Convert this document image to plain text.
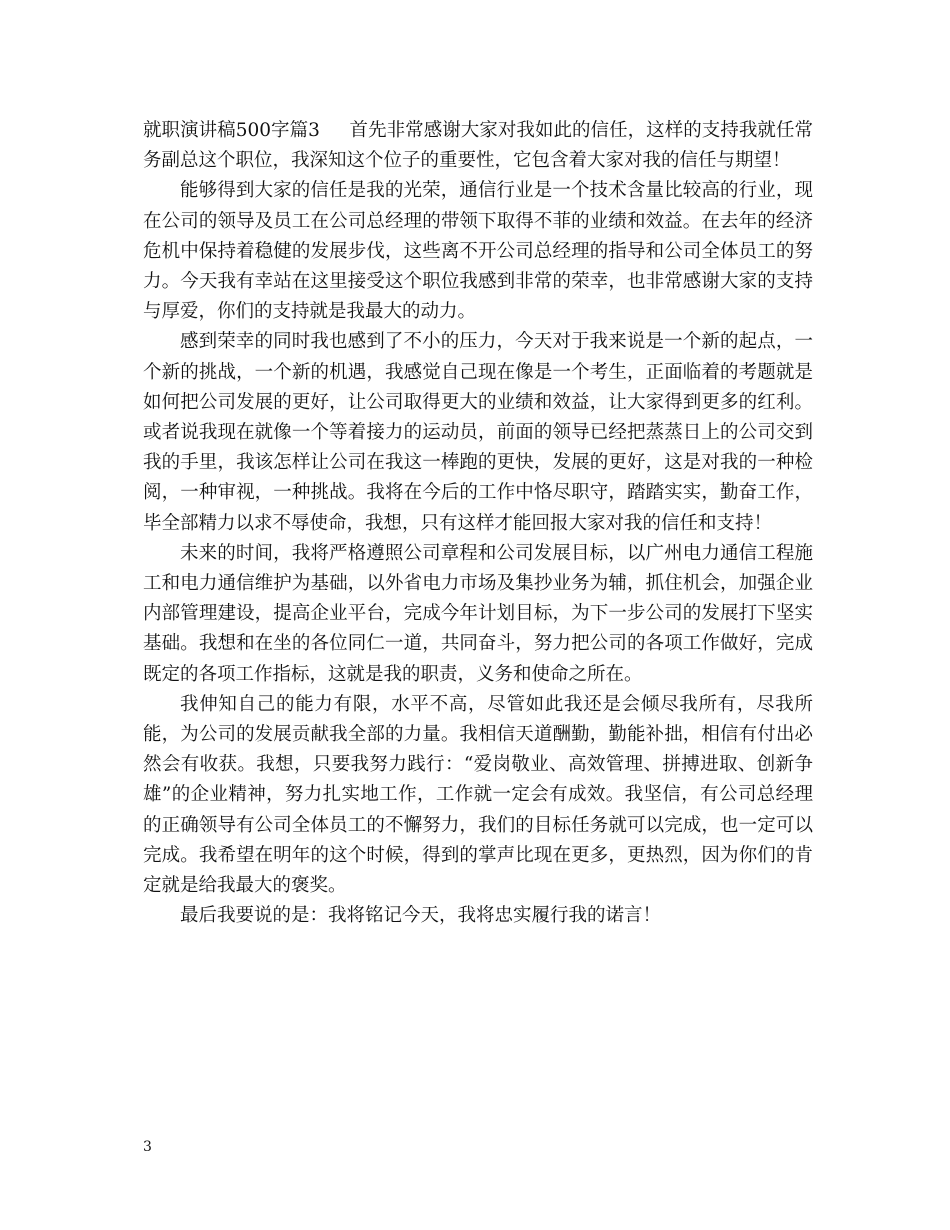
就职演讲稿500字篇3 首先非常感谢大家对我如此的信任，这样的支持我就任常务副总这个职位，我深知这个位子的重要性，它包含着大家对我的信任与期望！

能够得到大家的信任是我的光荣，通信行业是一个技术含量比较高的行业，现在公司的领导及员工在公司总经理的带领下取得不菲的业绩和效益。在去年的经济危机中保持着稳健的发展步伐，这些离不开公司总经理的指导和公司全体员工的努力。今天我有幸站在这里接受这个职位我感到非常的荣幸，也非常感谢大家的支持与厚爱，你们的支持就是我最大的动力。

感到荣幸的同时我也感到了不小的压力，今天对于我来说是一个新的起点，一个新的挑战，一个新的机遇，我感觉自己现在像是一个考生，正面临着的考题就是如何把公司发展的更好，让公司取得更大的业绩和效益，让大家得到更多的红利。或者说我现在就像一个等着接力的运动员，前面的领导已经把蒸蒸日上的公司交到我的手里，我该怎样让公司在我这一棒跑的更快，发展的更好，这是对我的一种检阅，一种审视，一种挑战。我将在今后的工作中恪尽职守，踏踏实实，勤奋工作，毕全部精力以求不辱使命，我想，只有这样才能回报大家对我的信任和支持！

未来的时间，我将严格遵照公司章程和公司发展目标，以广州电力通信工程施工和电力通信维护为基础，以外省电力市场及集抄业务为辅，抓住机会，加强企业内部管理建设，提高企业平台，完成今年计划目标，为下一步公司的发展打下坚实基础。我想和在坐的各位同仁一道，共同奋斗，努力把公司的各项工作做好，完成既定的各项工作指标，这就是我的职责，义务和使命之所在。

我伸知自己的能力有限，水平不高，尽管如此我还是会倾尽我所有，尽我所能，为公司的发展贡献我全部的力量。我相信天道酬勤，勤能补拙，相信有付出必然会有收获。我想，只要我努力践行：“爱岗敬业、高效管理、拼搏进取、创新争雄”的企业精神，努力扎实地工作，工作就一定会有成效。我坚信，有公司总经理的正确领导有公司全体员工的不懈努力，我们的目标任务就可以完成，也一定可以完成。我希望在明年的这个时候，得到的掌声比现在更多，更热烈，因为你们的肯定就是给我最大的褒奖。

最后我要说的是：我将铭记今天，我将忠实履行我的诺言！

3
